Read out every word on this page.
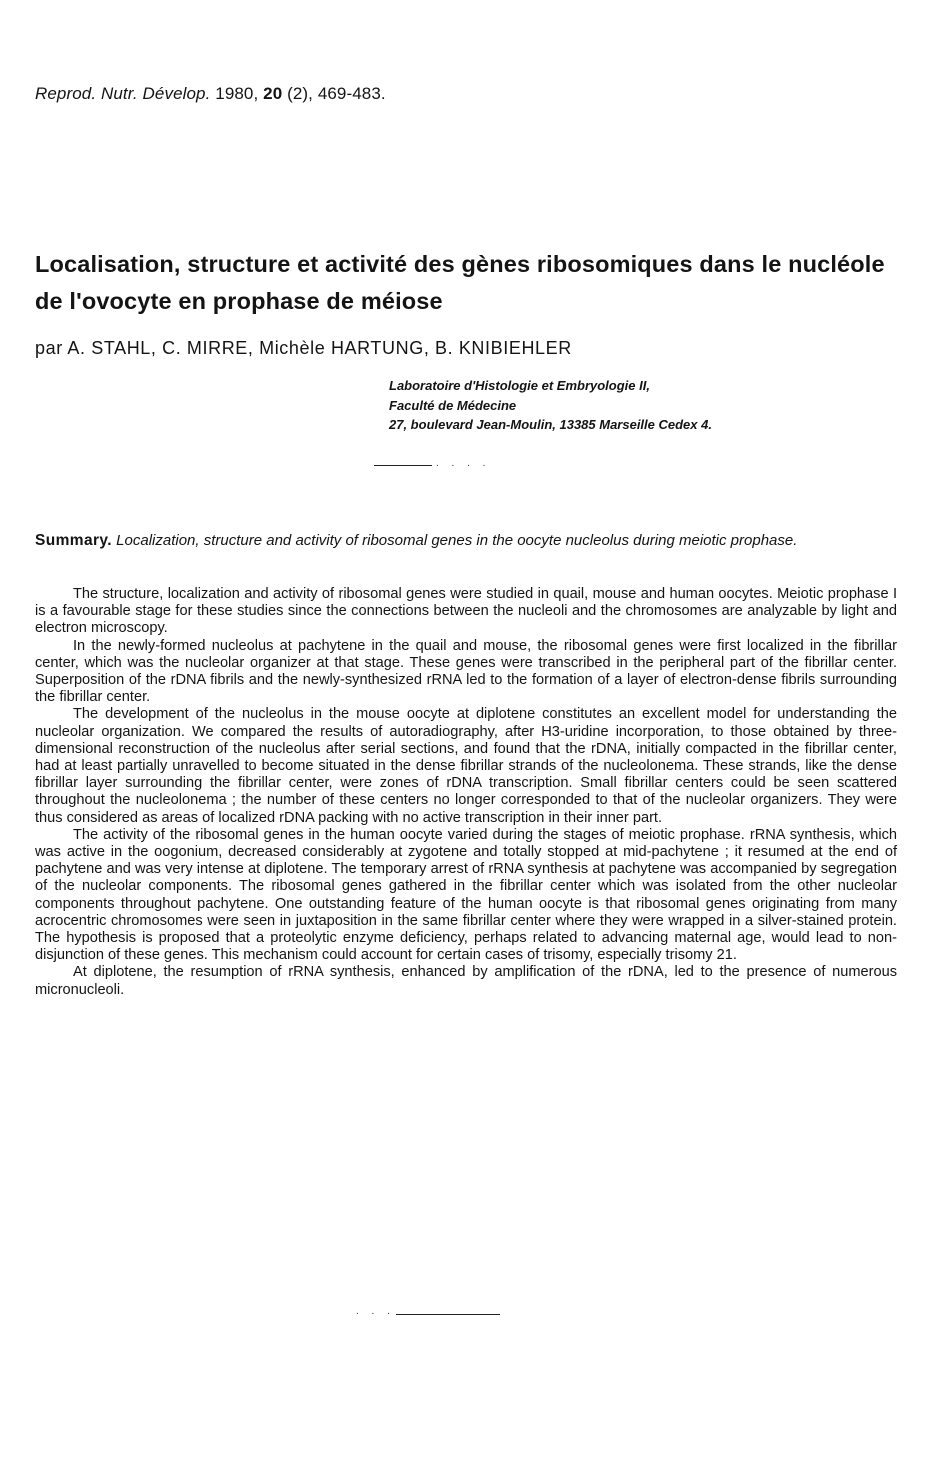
Reprod. Nutr. Dévelop. 1980, 20 (2), 469-483.
Localisation, structure et activité des gènes ribosomiques dans le nucléole de l'ovocyte en prophase de méiose
par A. STAHL, C. MIRRE, Michèle HARTUNG, B. KNIBIEHLER
Laboratoire d'Histologie et Embryologie II,
Faculté de Médecine
27, boulevard Jean-Moulin, 13385 Marseille Cedex 4.
. . . .
Summary. Localization, structure and activity of ribosomal genes in the oocyte nucleolus during meiotic prophase.

The structure, localization and activity of ribosomal genes were studied in quail, mouse and human oocytes. Meiotic prophase I is a favourable stage for these studies since the connections between the nucleoli and the chromosomes are analyzable by light and electron microscopy.

In the newly-formed nucleolus at pachytene in the quail and mouse, the ribosomal genes were first localized in the fibrillar center, which was the nucleolar organizer at that stage. These genes were transcribed in the peripheral part of the fibrillar center. Superposition of the rDNA fibrils and the newly-synthesized rRNA led to the formation of a layer of electron-dense fibrils surrounding the fibrillar center.

The development of the nucleolus in the mouse oocyte at diplotene constitutes an excellent model for understanding the nucleolar organization. We compared the results of autoradiography, after H3-uridine incorporation, to those obtained by three-dimensional reconstruction of the nucleolus after serial sections, and found that the rDNA, initially compacted in the fibrillar center, had at least partially unravelled to become situated in the dense fibrillar strands of the nucleolonema. These strands, like the dense fibrillar layer surrounding the fibrillar center, were zones of rDNA transcription. Small fibrillar centers could be seen scattered throughout the nucleolonema ; the number of these centers no longer corresponded to that of the nucleolar organizers. They were thus considered as areas of localized rDNA packing with no active transcription in their inner part.

The activity of the ribosomal genes in the human oocyte varied during the stages of meiotic prophase. rRNA synthesis, which was active in the oogonium, decreased considerably at zygotene and totally stopped at mid-pachytene ; it resumed at the end of pachytene and was very intense at diplotene. The temporary arrest of rRNA synthesis at pachytene was accompanied by segregation of the nucleolar components. The ribosomal genes gathered in the fibrillar center which was isolated from the other nucleolar components throughout pachytene. One outstanding feature of the human oocyte is that ribosomal genes originating from many acrocentric chromosomes were seen in juxtaposition in the same fibrillar center where they were wrapped in a silver-stained protein. The hypothesis is proposed that a proteolytic enzyme deficiency, perhaps related to advancing maternal age, would lead to non-disjunction of these genes. This mechanism could account for certain cases of trisomy, especially trisomy 21.

At diplotene, the resumption of rRNA synthesis, enhanced by amplification of the rDNA, led to the presence of numerous micronucleoli.

. . .
